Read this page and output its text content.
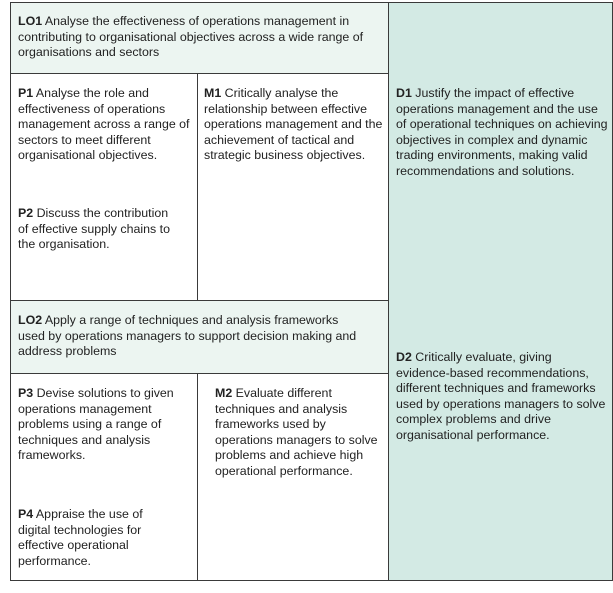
LO1 Analyse the effectiveness of operations management in contributing to organisational objectives across a wide range of organisations and sectors
P1 Analyse the role and effectiveness of operations management across a range of sectors to meet different organisational objectives.
P2 Discuss the contribution of effective supply chains to the organisation.
M1 Critically analyse the relationship between effective operations management and the achievement of tactical and strategic business objectives.
D1 Justify the impact of effective operations management and the use of operational techniques on achieving objectives in complex and dynamic trading environments, making valid recommendations and solutions.
LO2 Apply a range of techniques and analysis frameworks used by operations managers to support decision making and address problems	D2 Critically evaluate, giving evidence-based recommendations, different techniques and frameworks used by operations managers to solve complex problems and drive organisational performance.
P3 Devise solutions to given operations management problems using a range of techniques and analysis frameworks.
P4 Appraise the use of digital technologies for effective operational performance.
M2 Evaluate different techniques and analysis frameworks used by operations managers to solve problems and achieve high operational performance.
